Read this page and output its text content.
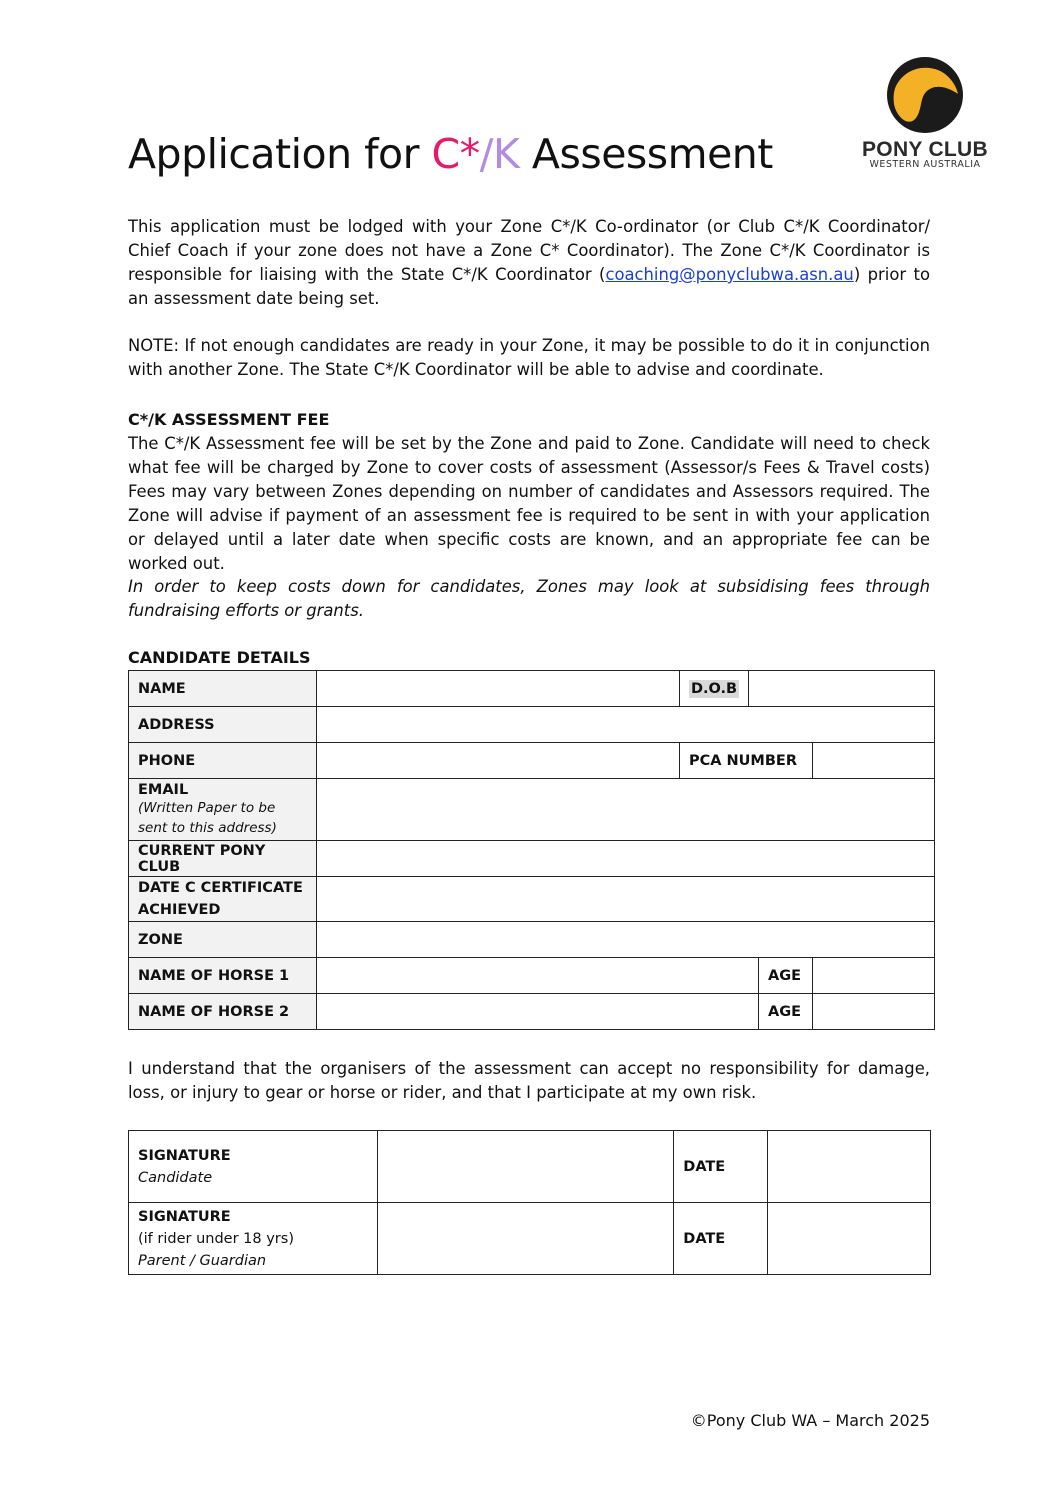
PONY CLUB
WESTERN AUSTRALIA
Application for C*/K Assessment
This application must be lodged with your Zone C*/K Co-ordinator (or Club C*/K Coordinator/ Chief Coach if your zone does not have a Zone C* Coordinator). The Zone C*/K Coordinator is responsible for liaising with the State C*/K Coordinator (coaching@ponyclubwa.asn.au) prior to an assessment date being set.
NOTE: If not enough candidates are ready in your Zone, it may be possible to do it in conjunction with another Zone. The State C*/K Coordinator will be able to advise and coordinate.
C*/K ASSESSMENT FEE
The C*/K Assessment fee will be set by the Zone and paid to Zone. Candidate will need to check what fee will be charged by Zone to cover costs of assessment (Assessor/s Fees & Travel costs) Fees may vary between Zones depending on number of candidates and Assessors required. The Zone will advise if payment of an assessment fee is required to be sent in with your application or delayed until a later date when specific costs are known, and an appropriate fee can be worked out.
In order to keep costs down for candidates, Zones may look at subsidising fees through fundraising efforts or grants.
CANDIDATE DETAILS
NAME		D.O.B			
ADDRESS					
PHONE		PCA NUMBER			
EMAIL
(Written Paper to be sent to this address)					

CURRENT PONY CLUB					
DATE C CERTIFICATE ACHIEVED					
ZONE					
NAME OF HORSE 1				AGE	
NAME OF HORSE 2				AGE	
I understand that the organisers of the assessment can accept no responsibility for damage, loss, or injury to gear or horse or rider, and that I participate at my own risk.
SIGNATURE
Candidate		DATE	

SIGNATURE
(if rider under 18 yrs)
Parent / Guardian		DATE	
©Pony Club WA – March 2025
